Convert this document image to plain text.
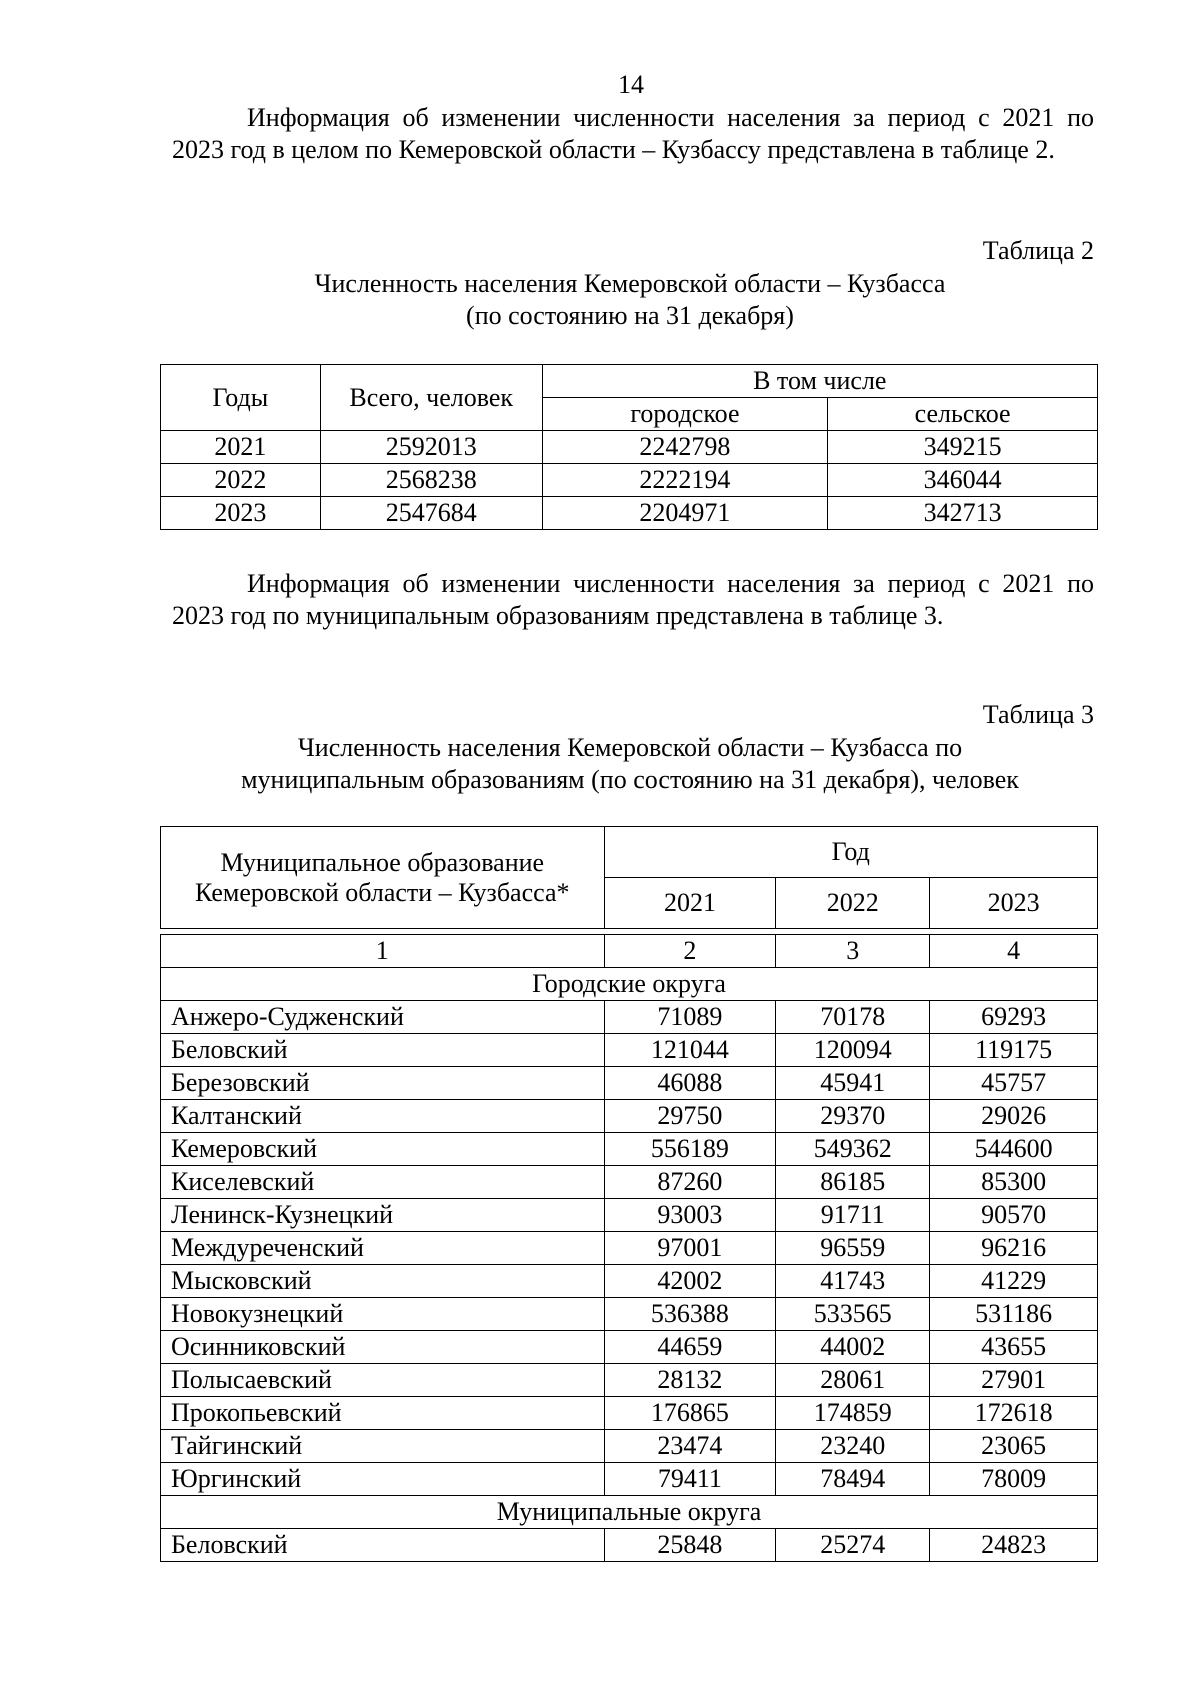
14

Информация об изменении численности населения за период с 2021 по 2023 год в целом по Кемеровской области – Кузбассу представлена в таблице 2.

Таблица 2
Численность населения Кемеровской области – Кузбасса
(по состоянию на 31 декабря)
Годы	Всего, человек	В том числе	
		городское	сельское
2021	2592013	2242798	349215
2022	2568238	2222194	346044
2023	2547684	2204971	342713

Информация об изменении численности населения за период с 2021 по 2023 год по муниципальным образованиям представлена в таблице 3.

Таблица 3
Численность населения Кемеровской области – Кузбасса по
муниципальным образованиям (по состоянию на 31 декабря), человек
Муниципальное образование
Кемеровской области – Кузбасса*	Год		
	2021	2022	2023
1	2	3	4
Городские округа			
Анжеро-Судженский	71089	70178	69293
Беловский	121044	120094	119175
Березовский	46088	45941	45757
Калтанский	29750	29370	29026
Кемеровский	556189	549362	544600
Киселевский	87260	86185	85300
Ленинск-Кузнецкий	93003	91711	90570
Междуреченский	97001	96559	96216
Мысковский	42002	41743	41229
Новокузнецкий	536388	533565	531186
Осинниковский	44659	44002	43655
Полысаевский	28132	28061	27901
Прокопьевский	176865	174859	172618
Тайгинский	23474	23240	23065
Юргинский	79411	78494	78009
Муниципальные округа			
Беловский	25848	25274	24823
